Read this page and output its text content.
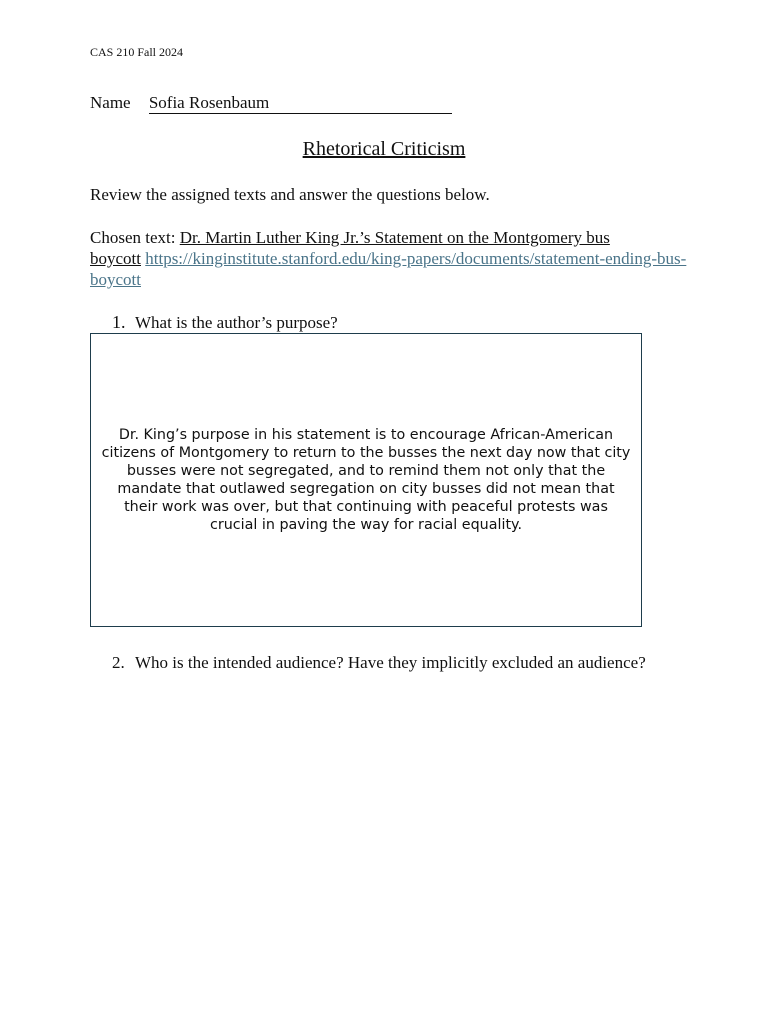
CAS 210 Fall 2024
Name Sofia Rosenbaum
Rhetorical Criticism
Review the assigned texts and answer the questions below.
Chosen text: Dr. Martin Luther King Jr.’s Statement on the Montgomery bus
boycott https://kinginstitute.stanford.edu/king-papers/documents/statement-ending-bus-boycott
1. What is the author’s purpose?
Dr. King’s purpose in his statement is to encourage African-American citizens of Montgomery to return to the busses the next day now that city busses were not segregated, and to remind them not only that the mandate that outlawed segregation on city busses did not mean that their work was over, but that continuing with peaceful protests was crucial in paving the way for racial equality.
2. Who is the intended audience? Have they implicitly excluded an audience?
